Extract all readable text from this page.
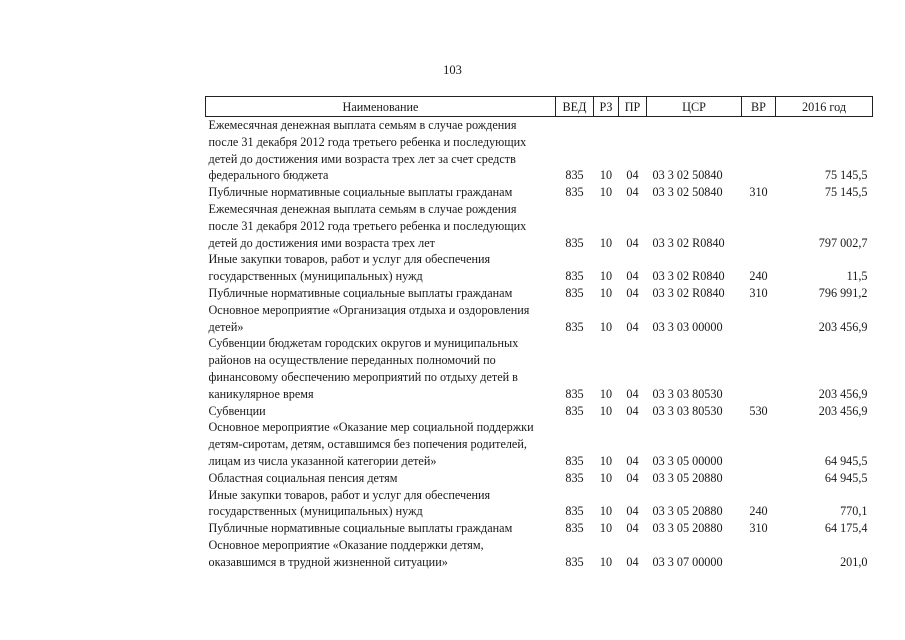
103
Наименование	ВЕД	РЗ	ПР	ЦСР	ВР	2016 год

Ежемесячная денежная выплата семьям в случае рождения
после 31 декабря 2012 года третьего ребенка и последующих
детей до достижения ими возраста трех лет за счет средств
федерального бюджета	835	10	04	03 3 02 50840		75 145,5

Публичные нормативные социальные выплаты гражданам	835	10	04	03 3 02 50840	310	75 145,5

Ежемесячная денежная выплата семьям в случае рождения
после 31 декабря 2012 года третьего ребенка и последующих
детей до достижения ими возраста трех лет	835	10	04	03 3 02 R0840		797 002,7

Иные закупки товаров, работ и услуг для обеспечения
государственных (муниципальных) нужд	835	10	04	03 3 02 R0840	240	11,5

Публичные нормативные социальные выплаты гражданам	835	10	04	03 3 02 R0840	310	796 991,2

Основное мероприятие «Организация отдыха и оздоровления
детей»	835	10	04	03 3 03 00000		203 456,9

Субвенции бюджетам городских округов и муниципальных
районов на осуществление переданных полномочий по
финансовому обеспечению мероприятий по отдыху детей в
каникулярное время	835	10	04	03 3 03 80530		203 456,9

Субвенции	835	10	04	03 3 03 80530	530	203 456,9

Основное мероприятие «Оказание мер социальной поддержки
детям-сиротам, детям, оставшимся без попечения родителей,
лицам из числа указанной категории детей»	835	10	04	03 3 05 00000		64 945,5

Областная социальная пенсия детям	835	10	04	03 3 05 20880		64 945,5

Иные закупки товаров, работ и услуг для обеспечения
государственных (муниципальных) нужд	835	10	04	03 3 05 20880	240	770,1

Публичные нормативные социальные выплаты гражданам	835	10	04	03 3 05 20880	310	64 175,4

Основное мероприятие «Оказание поддержки детям,
оказавшимся в трудной жизненной ситуации»	835	10	04	03 3 07 00000		201,0
